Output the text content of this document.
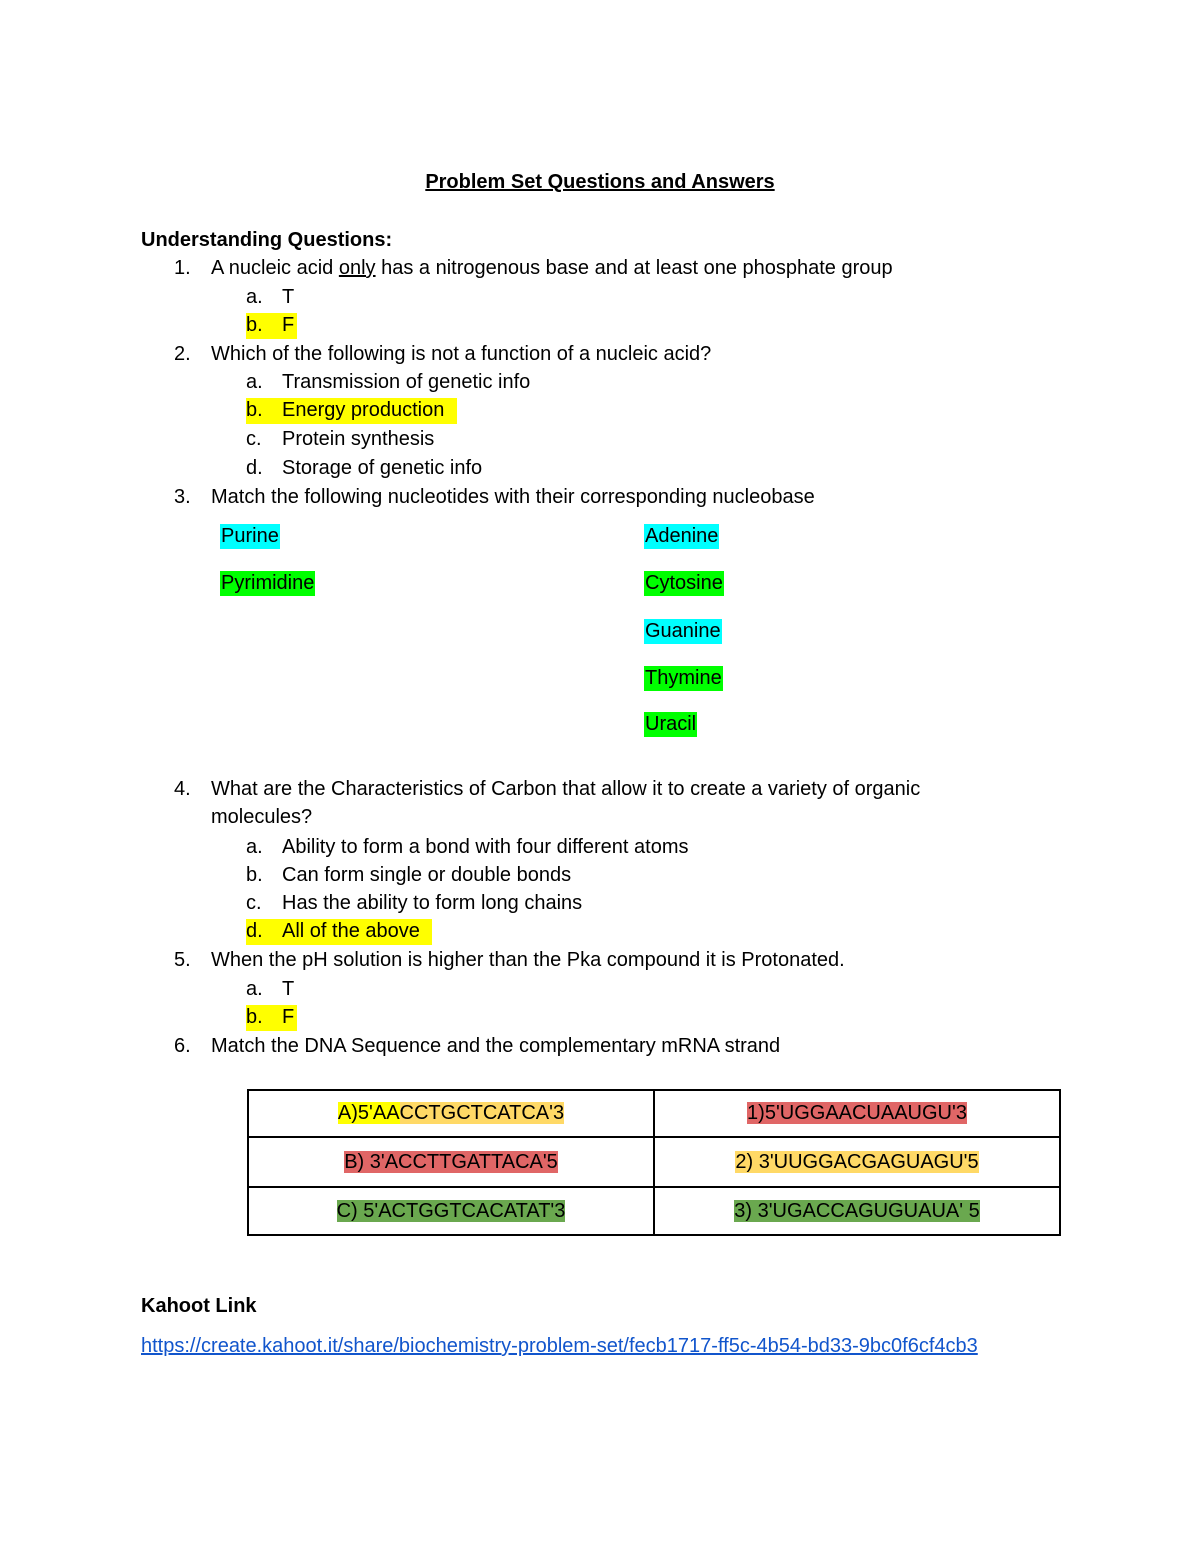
Problem Set Questions and Answers
Understanding Questions:
1. A nucleic acid only has a nitrogenous base and at least one phosphate group
a. T
b. F
2. Which of the following is not a function of a nucleic acid?
a. Transmission of genetic info
b. Energy production
c. Protein synthesis
d. Storage of genetic info
3. Match the following nucleotides with their corresponding nucleobase
Purine
Pyrimidine
Adenine
Cytosine
Guanine
Thymine
Uracil
4. What are the Characteristics of Carbon that allow it to create a variety of organic
molecules?
a. Ability to form a bond with four different atoms
b. Can form single or double bonds
c. Has the ability to form long chains
d. All of the above
5. When the pH solution is higher than the Pka compound it is Protonated.
a. T
b. F
6. Match the DNA Sequence and the complementary mRNA strand
A)5'AACCTGCTCATCA'3	1)5'UGGAACUAAUGU'3
B) 3'ACCTTGATTACA'5	2) 3'UUGGACGAGUAGU'5
C) 5'ACTGGTCACATAT'3	3) 3'UGACCAGUGUAUA' 5
Kahoot Link
https://create.kahoot.it/share/biochemistry-problem-set/fecb1717-ff5c-4b54-bd33-9bc0f6cf4cb3
